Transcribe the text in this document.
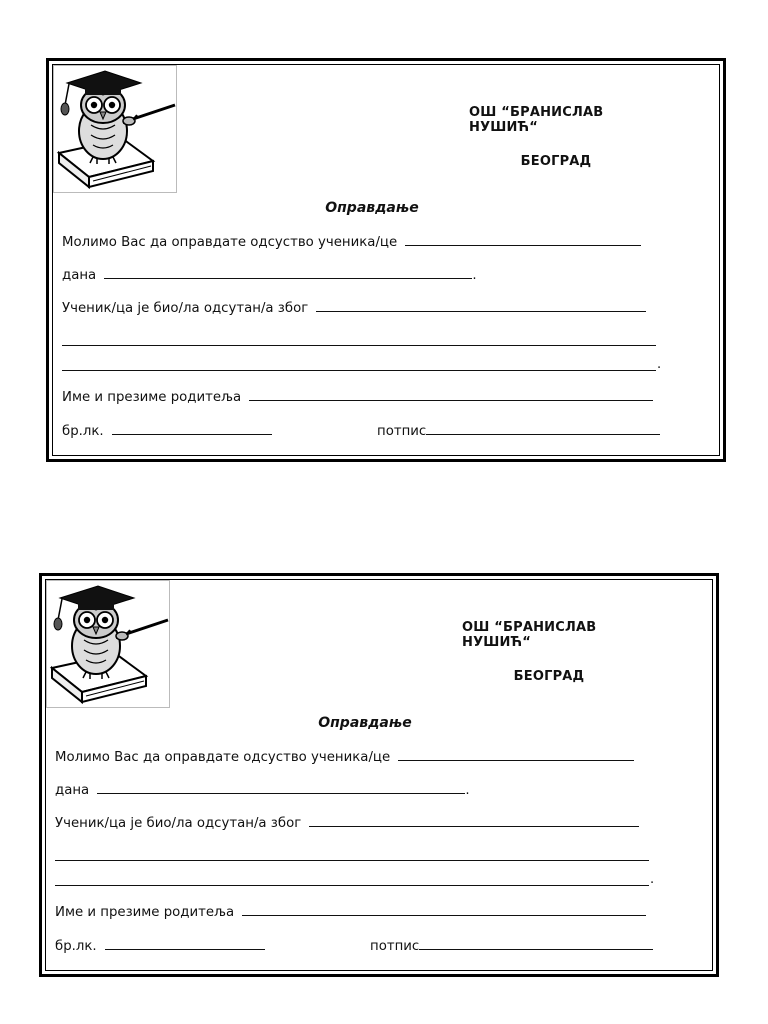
ОШ “БРАНИСЛАВ НУШИЋ“
БЕОГРАД
Оправдање
Молимо Вас да оправдате одсуство ученика/це
дана	.
Ученик/ца је био/ла одсутан/а због
.
Име и презиме родитеља
бр.лк.	потпис
ОШ “БРАНИСЛАВ НУШИЋ“
БЕОГРАД
Оправдање
Молимо Вас да оправдате одсуство ученика/це
дана	.
Ученик/ца је био/ла одсутан/а због
.
Име и презиме родитеља
бр.лк.	потпис
